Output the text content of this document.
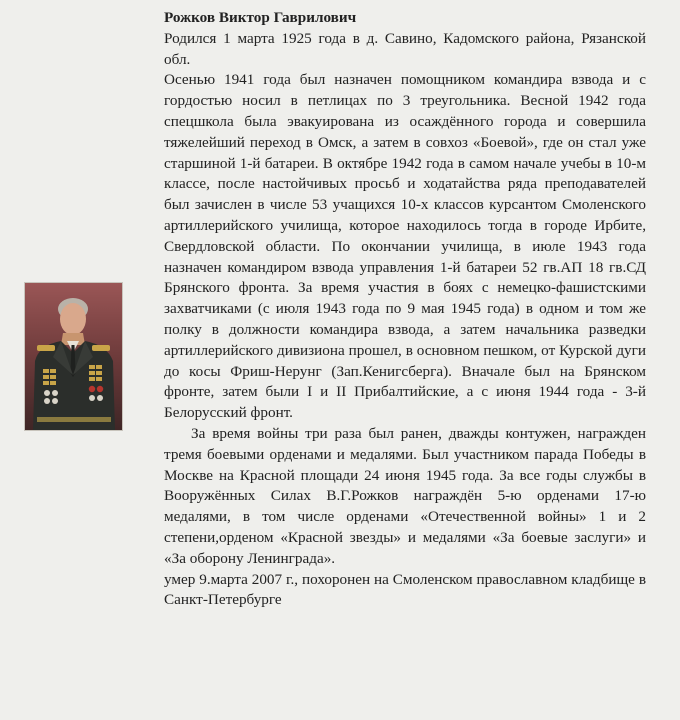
Рожков Виктор Гаврилович

Родился 1 марта 1925 года в д. Савино, Кадомского района, Рязанской обл.

Осенью 1941 года был назначен помощником командира взвода и с гордостью носил в петлицах по 3 треугольника. Весной 1942 года спецшкола была эвакуирована из осаждённого города и совершила тяжелейший переход в Омск, а затем в совхоз «Боевой», где он стал уже старшиной 1-й батареи. В октябре 1942 года в самом начале учебы в 10-м классе, после настойчивых просьб и ходатайства ряда преподавателей был зачислен в числе 53 учащихся 10-х классов курсантом Смоленского артиллерийского училища, которое находилось тогда в городе Ирбите, Свердловской области. По окончании училища, в июле 1943 года назначен командиром взвода управления 1-й батареи 52 гв.АП 18 гв.СД Брянского фронта. За время участия в боях с немецко-фашистскими захватчиками (с июля 1943 года по 9 мая 1945 года) в одном и том же полку в должности командира взвода, а затем начальника разведки артиллерийского дивизиона прошел, в основном пешком, от Курской дуги до косы Фриш-Нерунг (Зап.Кенигсберга). Вначале был на Брянском фронте, затем были I и II Прибалтийские, а с июня 1944 года - 3-й Белорусский фронт.

За время войны три раза был ранен, дважды контужен, награжден тремя боевыми орденами и медалями. Был участником парада Победы в Москве на Красной площади 24 июня 1945 года. За все годы службы в Вооружённых Силах В.Г.Рожков награждён 5-ю орденами 17-ю медалями, в том числе орденами «Отечественной войны» 1 и 2 степени,орденом «Красной звезды» и медалями «За боевые заслуги» и «За оборону Ленинграда».

умер 9.марта 2007 г., похоронен на Смоленском православном кладбище в Санкт-Петербурге
